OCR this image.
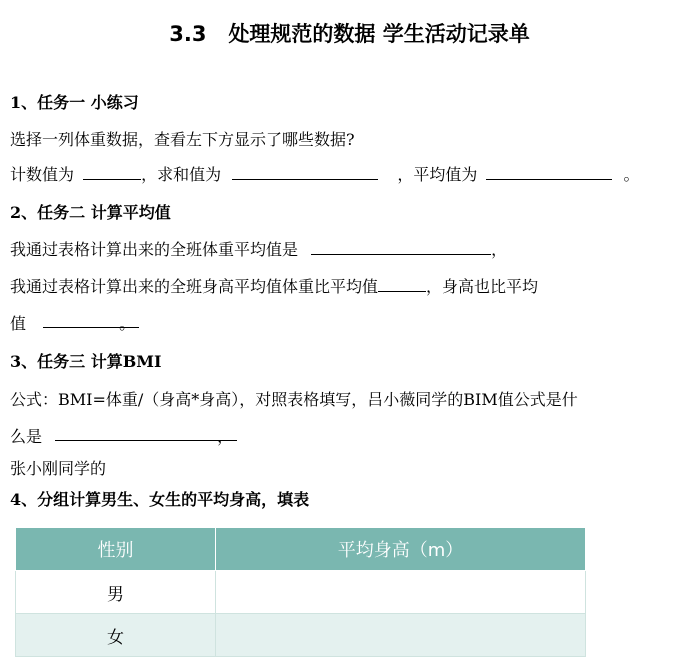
3.3 处理规范的数据 学生活动记录单
1、任务一 小练习
选择一列体重数据，查看左下方显示了哪些数据?
计数值为	，求和值为	，平均值为	。
2、任务二 计算平均值
我通过表格计算出来的全班体重平均值是	，
我通过表格计算出来的全班身高平均值体重比平均值	，身高也比平均
值	。
3、任务三 计算BMI
公式：BMI=体重/（身高*身高），对照表格填写，吕小薇同学的BIM值公式是什
么是	，
张小刚同学的
4、分组计算男生、女生的平均身高，填表
性别	平均身高（m）
男	
女	
